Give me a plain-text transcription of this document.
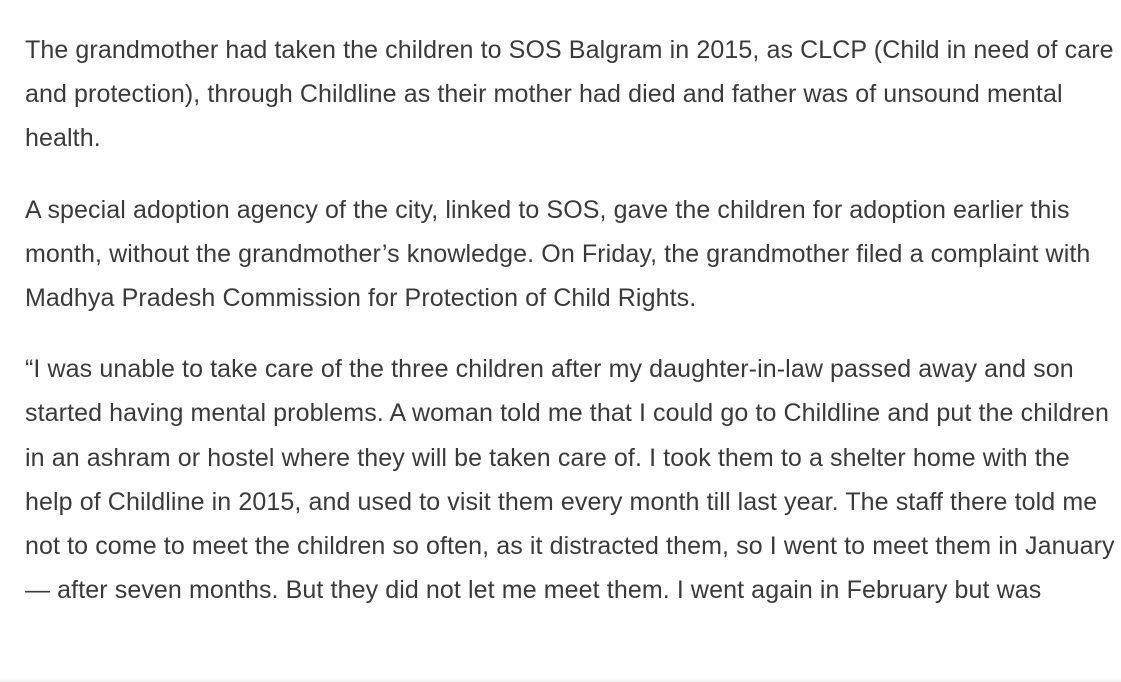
The grandmother had taken the children to SOS Balgram in 2015, as CLCP (Child in need of care and protection), through Childline as their mother had died and father was of unsound mental health.

A special adoption agency of the city, linked to SOS, gave the children for adoption earlier this month, without the grandmother’s knowledge. On Friday, the grandmother filed a complaint with Madhya Pradesh Commission for Protection of Child Rights.

“I was unable to take care of the three children after my daughter-in-law passed away and son started having mental problems. A woman told me that I could go to Childline and put the children in an ashram or hostel where they will be taken care of. I took them to a shelter home with the help of Childline in 2015, and used to visit them every month till last year. The staff there told me not to come to meet the children so often, as it distracted them, so I went to meet them in January — after seven months. But they did not let me meet them. I went again in February but was
